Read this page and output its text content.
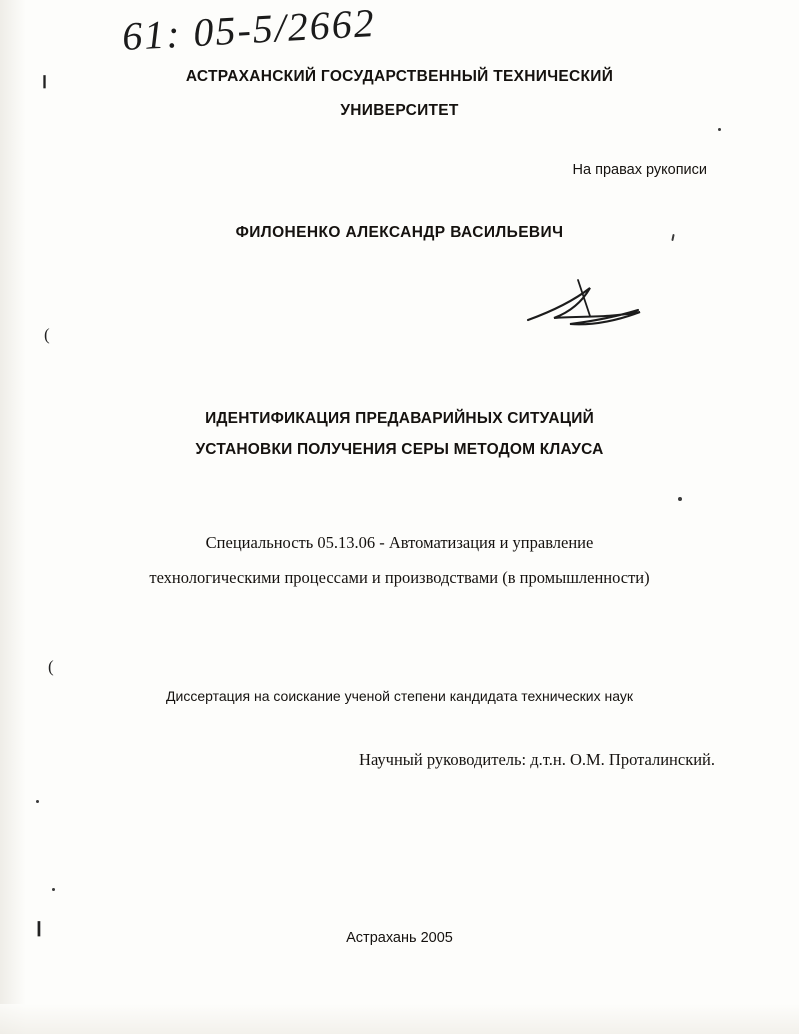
61: 05-5/2662
АСТРАХАНСКИЙ ГОСУДАРСТВЕННЫЙ ТЕХНИЧЕСКИЙ
УНИВЕРСИТЕТ
На правах рукописи
ФИЛОНЕНКО АЛЕКСАНДР ВАСИЛЬЕВИЧ
ИДЕНТИФИКАЦИЯ ПРЕДАВАРИЙНЫХ СИТУАЦИЙ
УСТАНОВКИ ПОЛУЧЕНИЯ СЕРЫ МЕТОДОМ КЛАУСА
Специальность 05.13.06 - Автоматизация и управление
технологическими процессами и производствами (в промышленности)
Диссертация на соискание ученой степени кандидата технических наук
Научный руководитель: д.т.н. О.М. Проталинский.
Астрахань 2005
Ⅰ
(
(
Ⅰ
